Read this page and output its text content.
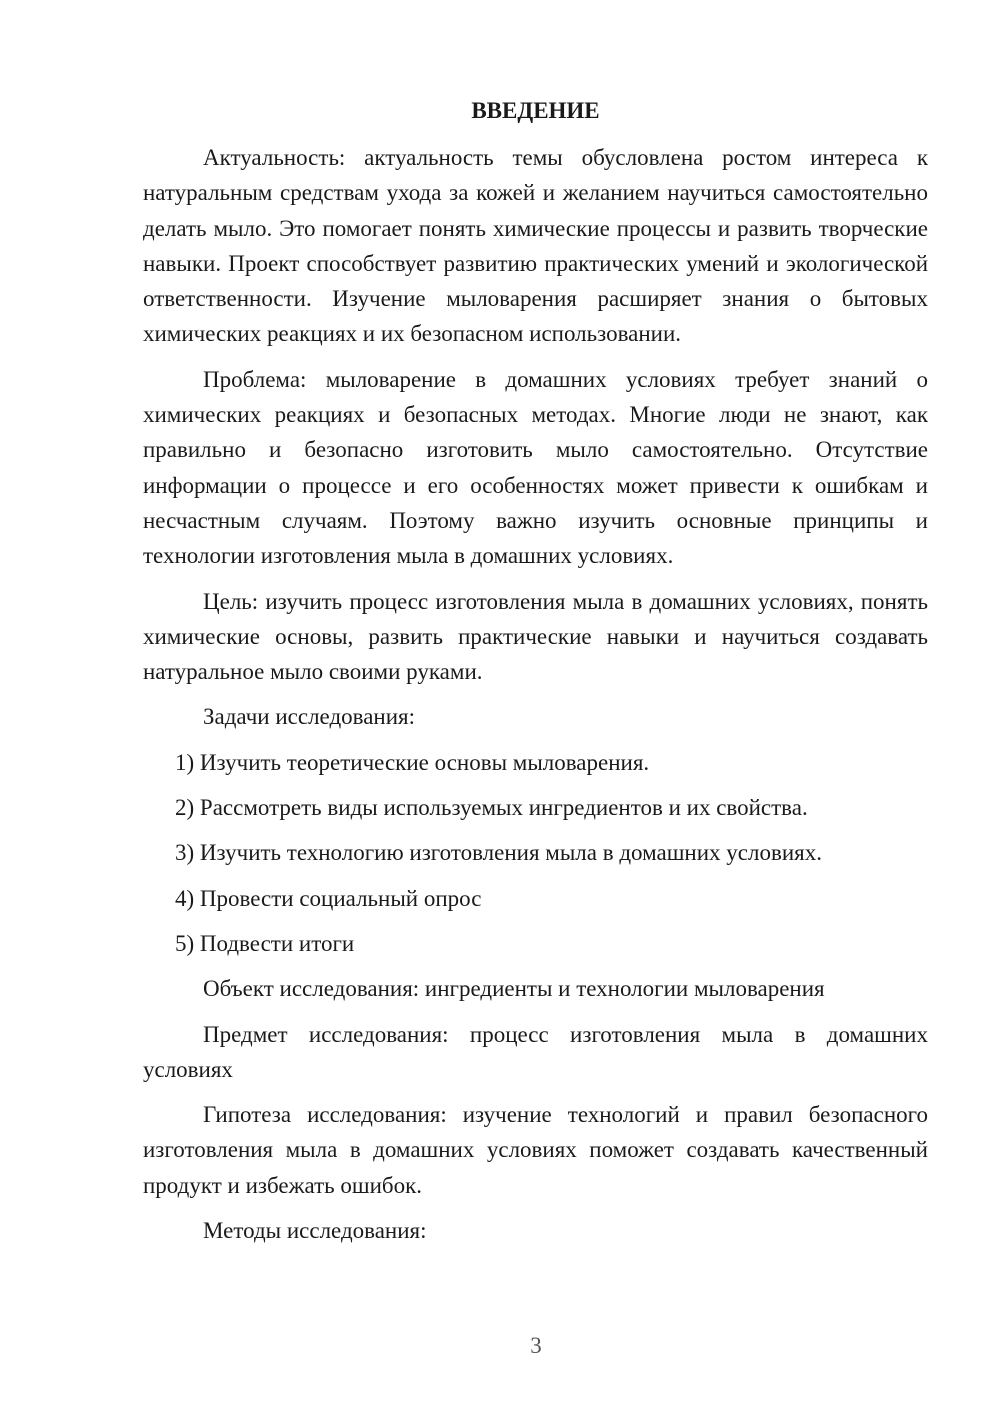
ВВЕДЕНИЕ

Актуальность: актуальность темы обусловлена ростом интереса к натуральным средствам ухода за кожей и желанием научиться самостоятельно делать мыло. Это помогает понять химические процессы и развить творческие навыки. Проект способствует развитию практических умений и экологической ответственности. Изучение мыловарения расширяет знания о бытовых химических реакциях и их безопасном использовании.

Проблема: мыловарение в домашних условиях требует знаний о химических реакциях и безопасных методах. Многие люди не знают, как правильно и безопасно изготовить мыло самостоятельно. Отсутствие информации о процессе и его особенностях может привести к ошибкам и несчастным случаям. Поэтому важно изучить основные принципы и технологии изготовления мыла в домашних условиях.

Цель: изучить процесс изготовления мыла в домашних условиях, понять химические основы, развить практические навыки и научиться создавать натуральное мыло своими руками.

Задачи исследования:
1) Изучить теоретические основы мыловарения.
2) Рассмотреть виды используемых ингредиентов и их свойства.
3) Изучить технологию изготовления мыла в домашних условиях.
4) Провести социальный опрос
5) Подвести итоги
Объект исследования: ингредиенты и технологии мыловарения

Предмет исследования: процесс изготовления мыла в домашних условиях

Гипотеза исследования: изучение технологий и правил безопасного изготовления мыла в домашних условиях поможет создавать качественный продукт и избежать ошибок.

Методы исследования:
3
